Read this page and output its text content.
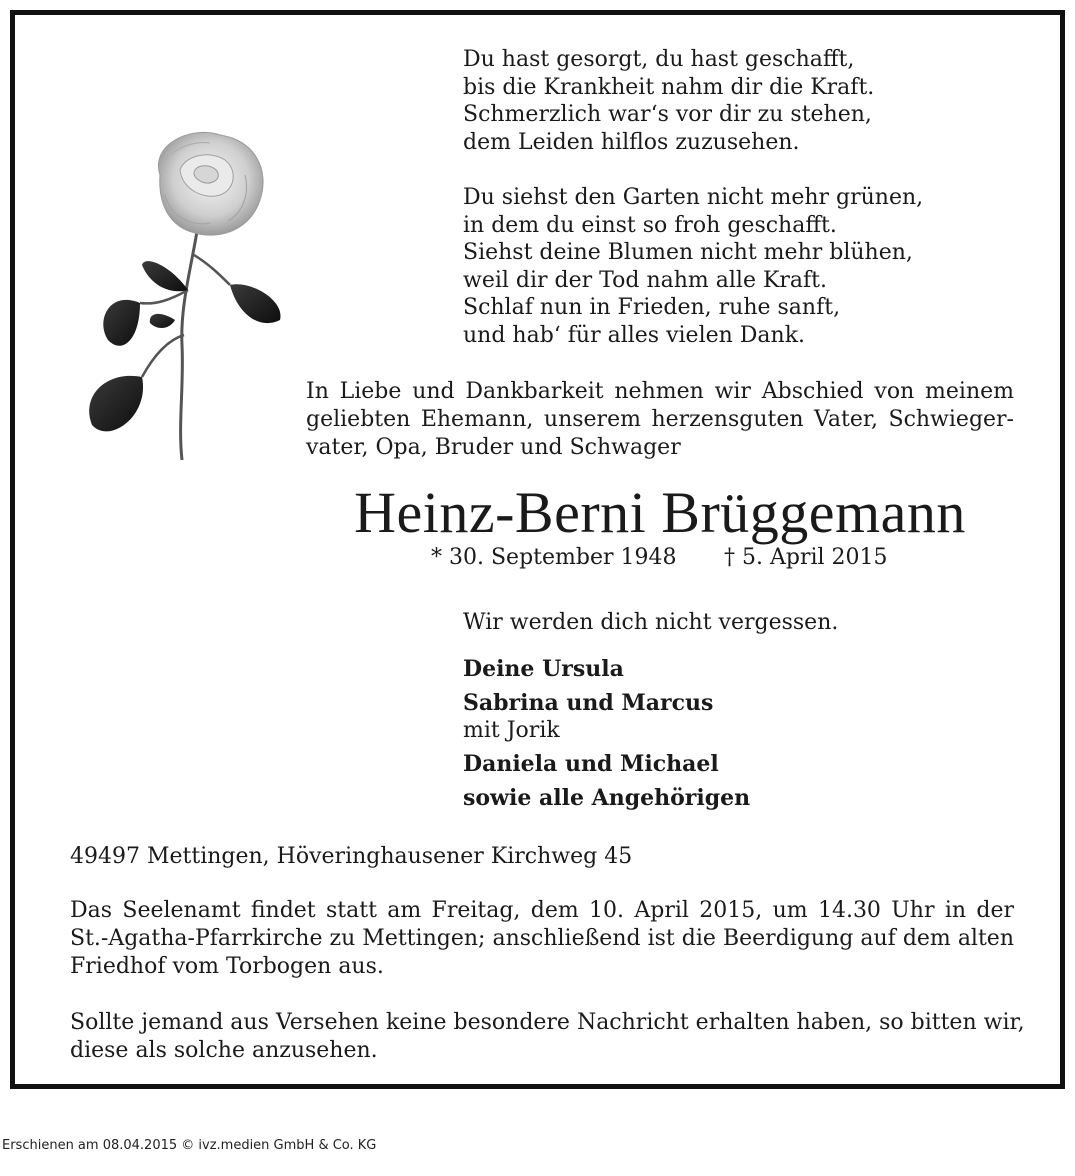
Du hast gesorgt, du hast geschafft,
bis die Krankheit nahm dir die Kraft.
Schmerzlich war‘s vor dir zu stehen,
dem Leiden hilflos zuzusehen.
Du siehst den Garten nicht mehr grünen,
in dem du einst so froh geschafft.
Siehst deine Blumen nicht mehr blühen,
weil dir der Tod nahm alle Kraft.
Schlaf nun in Frieden, ruhe sanft,
und hab‘ für alles vielen Dank.
In Liebe und Dankbarkeit nehmen wir Abschied von meinem
geliebten Ehemann, unserem herzensguten Vater, Schwieger-
vater, Opa, Bruder und Schwager
Heinz-Berni Brüggemann
* 30. September 1948 † 5. April 2015
Wir werden dich nicht vergessen.
Deine Ursula
Sabrina und Marcus
mit Jorik
Daniela und Michael
sowie alle Angehörigen
49497 Mettingen, Höveringhausener Kirchweg 45
Das Seelenamt findet statt am Freitag, dem 10. April 2015, um 14.30 Uhr in der
St.-Agatha-Pfarrkirche zu Mettingen; anschließend ist die Beerdigung auf dem alten
Friedhof vom Torbogen aus.
Sollte jemand aus Versehen keine besondere Nachricht erhalten haben, so bitten wir,
diese als solche anzusehen.
Erschienen am 08.04.2015 © ivz.medien GmbH & Co. KG
